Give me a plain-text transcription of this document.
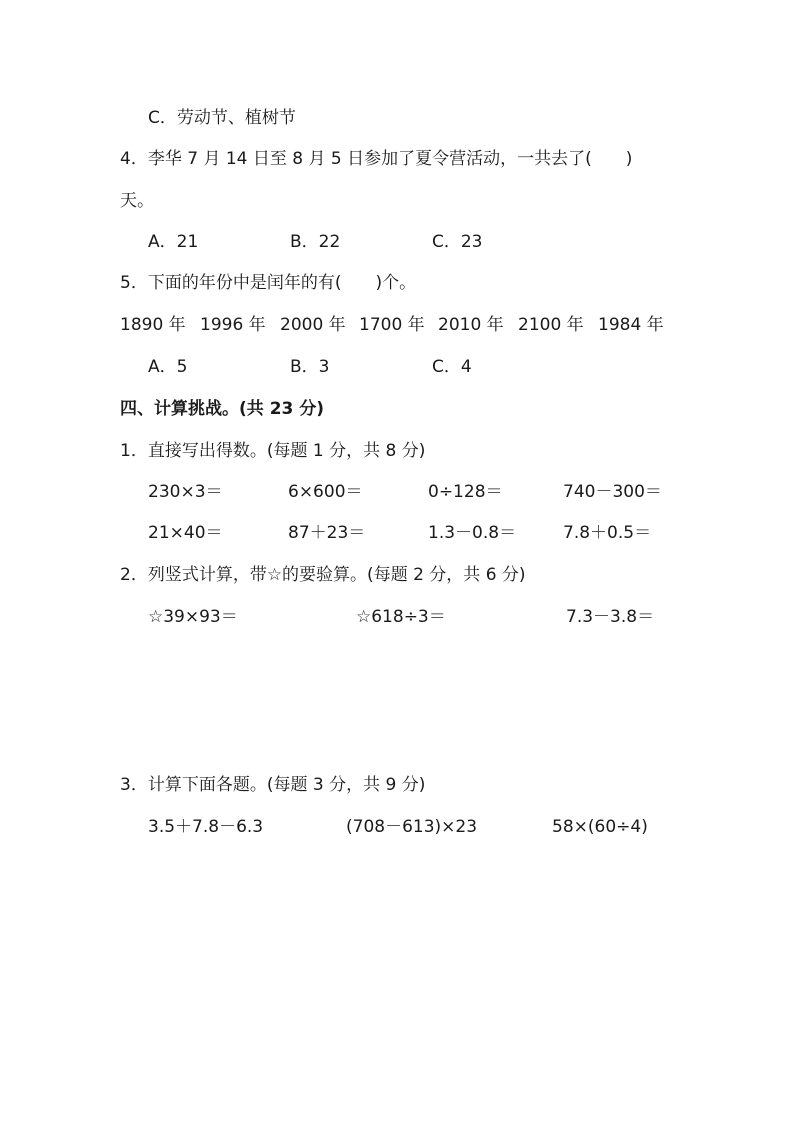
C．劳动节、植树节
4．李华 7 月 14 日至 8 月 5 日参加了夏令营活动，一共去了(　　)
天。
A．21	B．22	C．23
5．下面的年份中是闰年的有(　　)个。
1890 年 1996 年 2000 年 1700 年 2010 年 2100 年 1984 年
A．5	B．3	C．4
四、计算挑战。(共 23 分)
1．直接写出得数。(每题 1 分，共 8 分)
230×3＝	6×600＝	0÷128＝	740－300＝
21×40＝	87＋23＝	1.3－0.8＝	7.8＋0.5＝
2．列竖式计算，带☆的要验算。(每题 2 分，共 6 分)
☆39×93＝	☆618÷3＝	7.3－3.8＝
3．计算下面各题。(每题 3 分，共 9 分)
3.5＋7.8－6.3	(708－613)×23	58×(60÷4)
